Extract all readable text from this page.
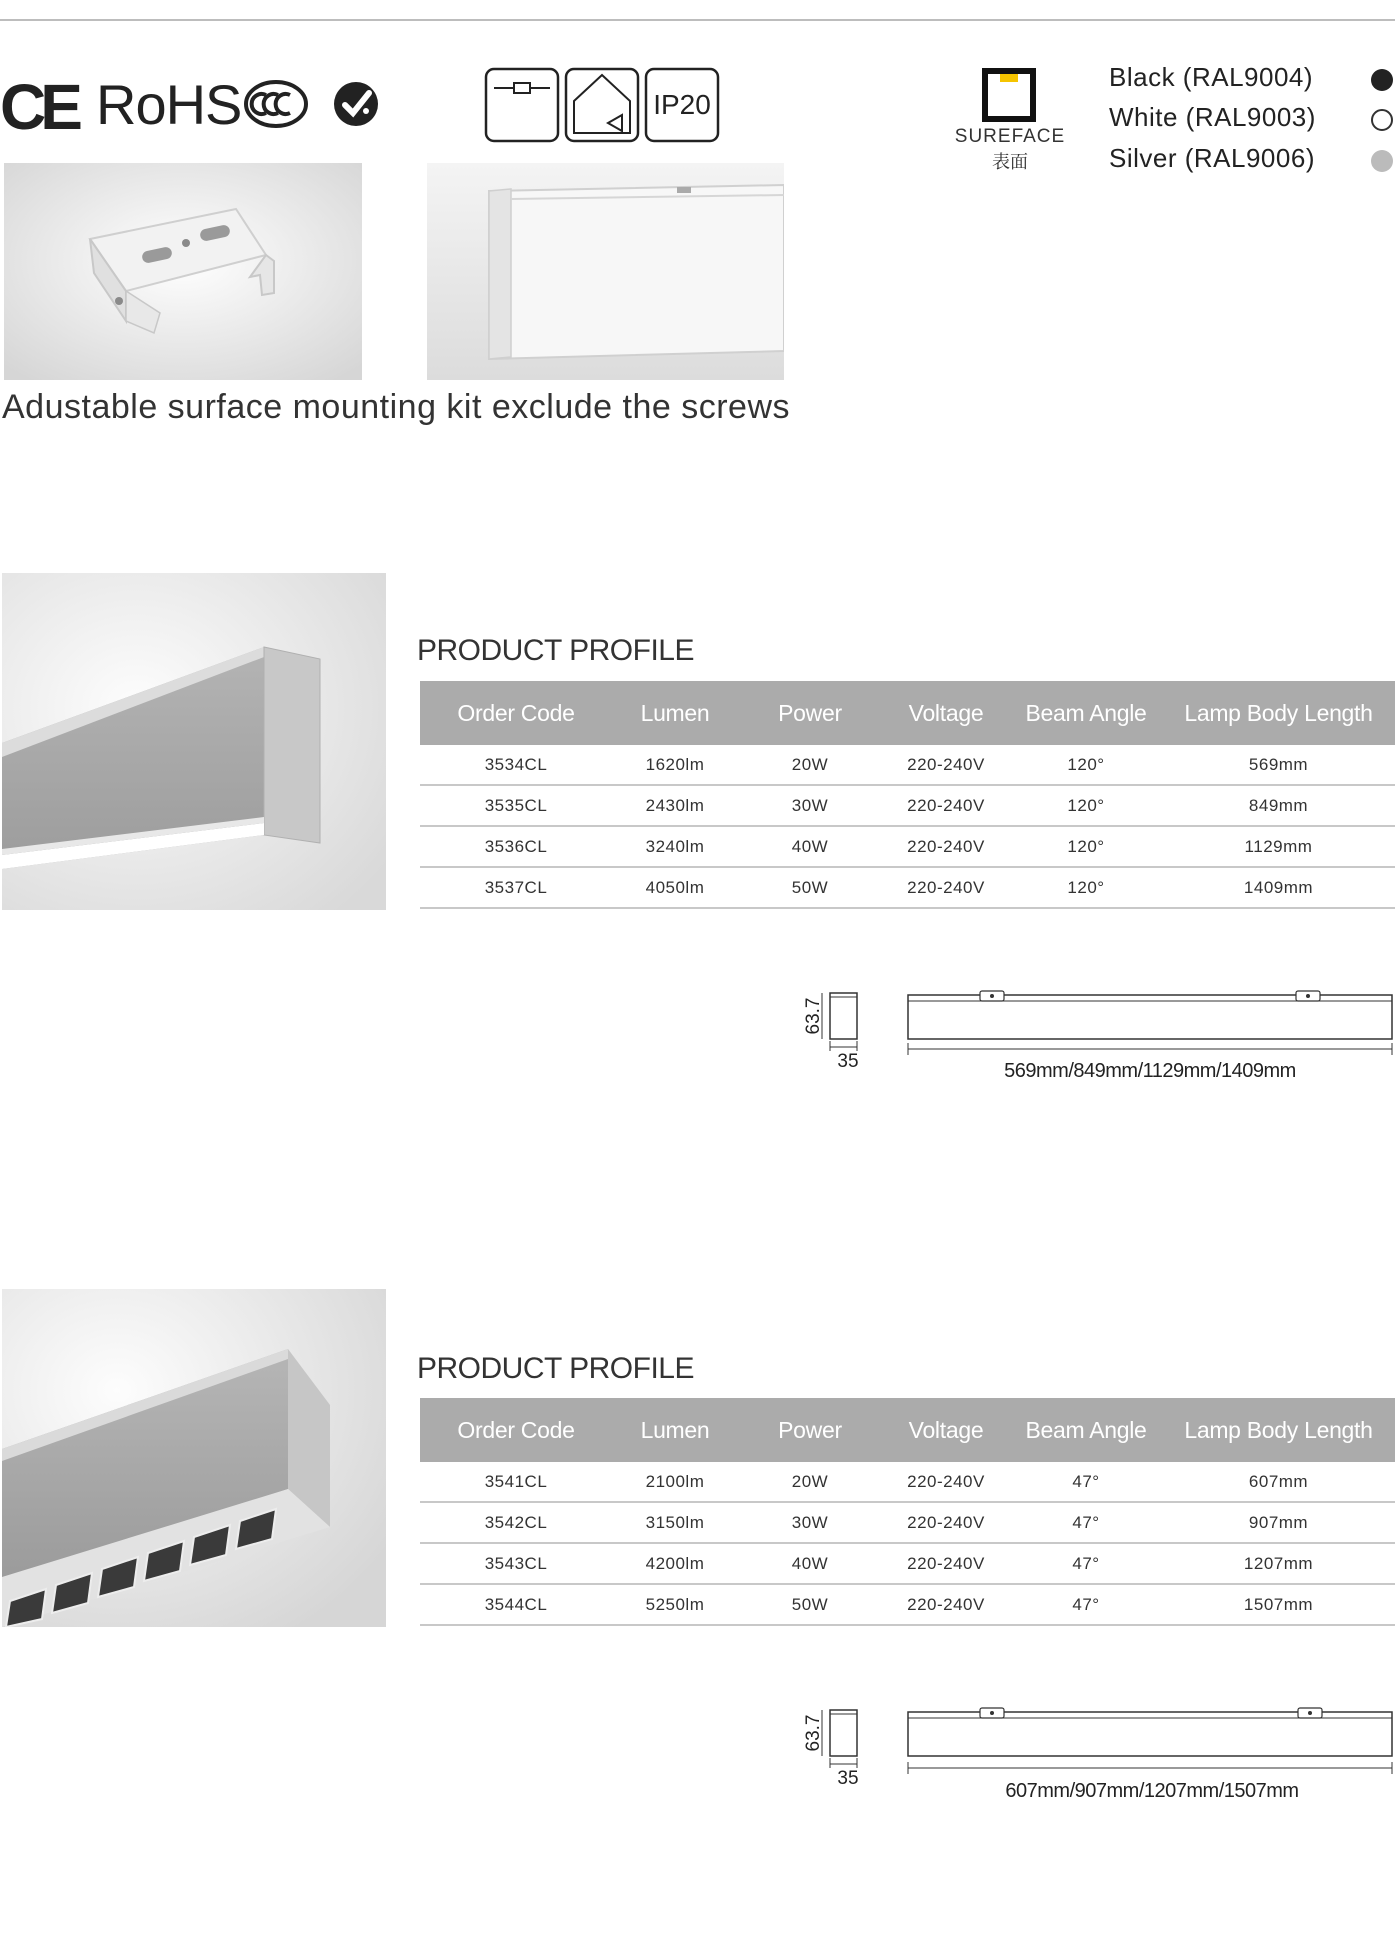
CE RoHS	IP20
SUREFACE
表面
Black (RAL9004)
White (RAL9003)
Silver (RAL9006)
Adustable surface mounting kit exclude the screws
PRODUCT PROFILE
Order Code	Lumen	Power	Voltage	Beam Angle	Lamp Body Length
3534CL	1620lm	20W	220-240V	120°	569mm
3535CL	2430lm	30W	220-240V	120°	849mm
3536CL	3240lm	40W	220-240V	120°	1129mm
3537CL	4050lm	50W	220-240V	120°	1409mm
63.7
35	569mm/849mm/1129mm/1409mm
PRODUCT PROFILE
Order Code	Lumen	Power	Voltage	Beam Angle	Lamp Body Length
3541CL	2100lm	20W	220-240V	47°	607mm
3542CL	3150lm	30W	220-240V	47°	907mm
3543CL	4200lm	40W	220-240V	47°	1207mm
3544CL	5250lm	50W	220-240V	47°	1507mm
63.7
35
607mm/907mm/1207mm/1507mm
